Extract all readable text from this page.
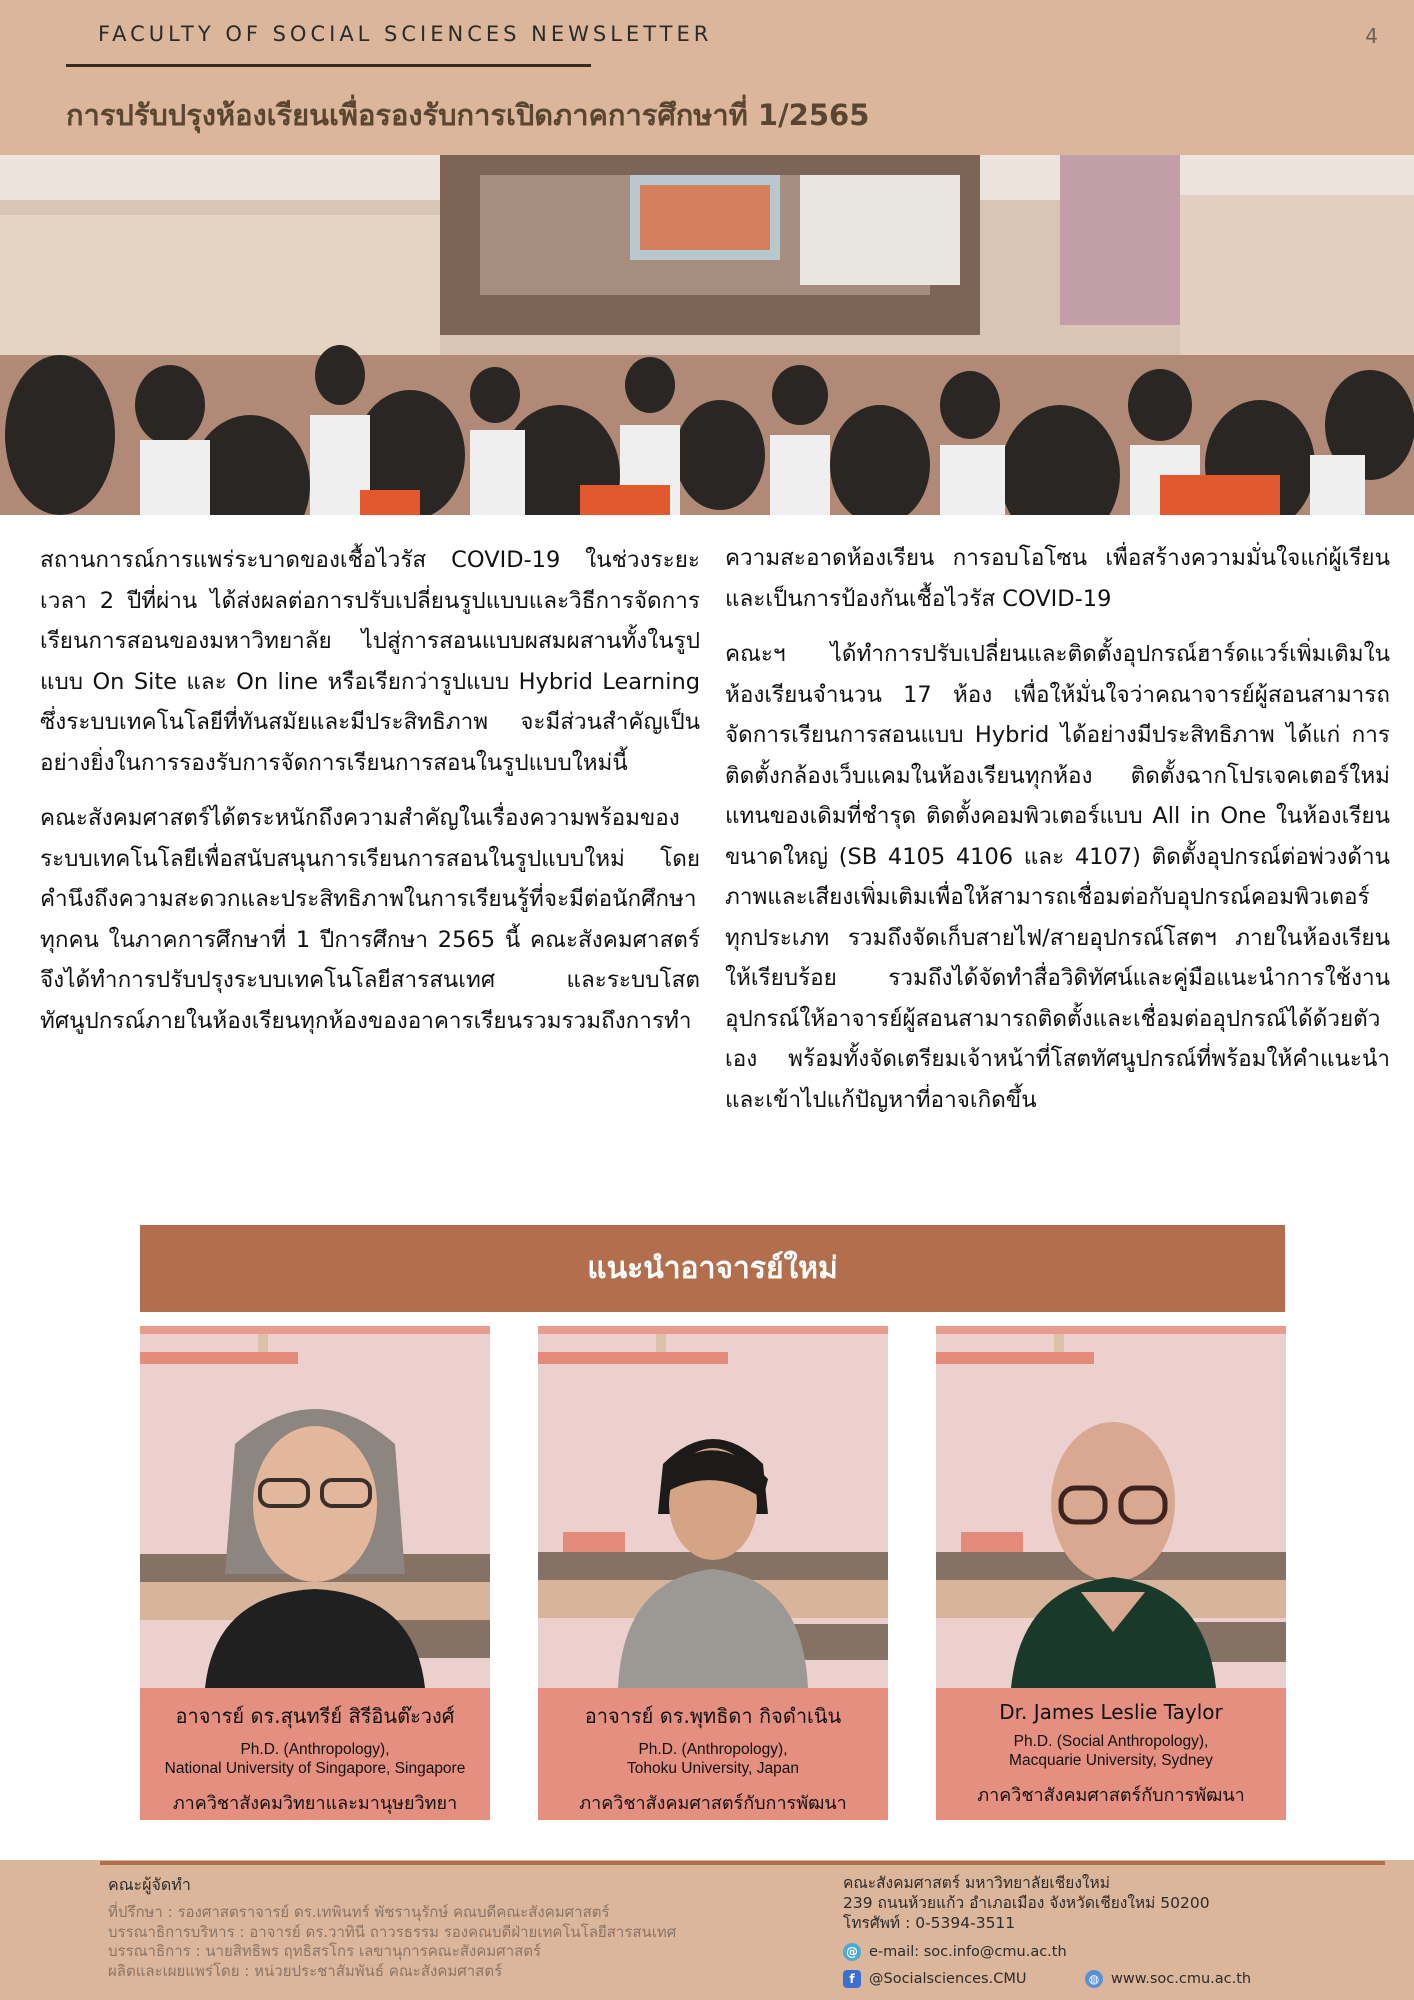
FACULTY OF SOCIAL SCIENCES NEWSLETTER	4
การปรับปรุงห้องเรียนเพื่อรองรับการเปิดภาคการศึกษาที่ 1/2565

สถานการณ์การแพร่ระบาดของเชื้อไวรัส COVID-19 ในช่วงระยะเวลา 2 ปีที่ผ่าน ได้ส่งผลต่อการปรับเปลี่ยนรูปแบบและวิธีการจัดการเรียนการสอนของมหาวิทยาลัย ไปสู่การสอนแบบผสมผสานทั้งในรูปแบบ On Site และ On line หรือเรียกว่ารูปแบบ Hybrid Learning ซึ่งระบบเทคโนโลยีที่ทันสมัยและมีประสิทธิภาพ จะมีส่วนสำคัญเป็นอย่างยิ่งในการรองรับการจัดการเรียนการสอนในรูปแบบใหม่นี้

คณะสังคมศาสตร์ได้ตระหนักถึงความสำคัญในเรื่องความพร้อมของระบบเทคโนโลยีเพื่อสนับสนุนการเรียนการสอนในรูปแบบใหม่ โดยคำนึงถึงความสะดวกและประสิทธิภาพในการเรียนรู้ที่จะมีต่อนักศึกษาทุกคน ในภาคการศึกษาที่ 1 ปีการศึกษา 2565 นี้ คณะสังคมศาสตร์จึงได้ทำการปรับปรุงระบบเทคโนโลยีสารสนเทศ และระบบโสตทัศนูปกรณ์ภายในห้องเรียนทุกห้องของอาคารเรียนรวมรวมถึงการทำ

ความสะอาดห้องเรียน การอบโอโซน เพื่อสร้างความมั่นใจแก่ผู้เรียนและเป็นการป้องกันเชื้อไวรัส COVID-19

คณะฯ ได้ทำการปรับเปลี่ยนและติดตั้งอุปกรณ์ฮาร์ดแวร์เพิ่มเติมในห้องเรียนจำนวน 17 ห้อง เพื่อให้มั่นใจว่าคณาจารย์ผู้สอนสามารถจัดการเรียนการสอนแบบ Hybrid ได้อย่างมีประสิทธิภาพ ได้แก่ การติดตั้งกล้องเว็บแคมในห้องเรียนทุกห้อง ติดตั้งฉากโปรเจคเตอร์ใหม่แทนของเดิมที่ชำรุด ติดตั้งคอมพิวเตอร์แบบ All in One ในห้องเรียน ขนาดใหญ่ (SB 4105 4106 และ 4107) ติดตั้งอุปกรณ์ต่อพ่วงด้านภาพและเสียงเพิ่มเติมเพื่อให้สามารถเชื่อมต่อกับอุปกรณ์คอมพิวเตอร์ทุกประเภท รวมถึงจัดเก็บสายไฟ/สายอุปกรณ์โสตฯ ภายในห้องเรียนให้เรียบร้อย รวมถึงได้จัดทำสื่อวิดิทัศน์และคู่มือแนะนำการใช้งานอุปกรณ์ให้อาจารย์ผู้สอนสามารถติดตั้งและเชื่อมต่ออุปกรณ์ได้ด้วยตัวเอง พร้อมทั้งจัดเตรียมเจ้าหน้าที่โสตทัศนูปกรณ์ที่พร้อมให้คำแนะนำและเข้าไปแก้ปัญหาที่อาจเกิดขึ้น

แนะนำอาจารย์ใหม่
อาจารย์ ดร.สุนทรีย์ สิรีอินต๊ะวงศ์
Ph.D. (Anthropology),
National University of Singapore, Singapore
ภาควิชาสังคมวิทยาและมานุษยวิทยา
อาจารย์ ดร.พุทธิดา กิจดำเนิน
Ph.D. (Anthropology),
Tohoku University, Japan
ภาควิชาสังคมศาสตร์กับการพัฒนา
Dr. James Leslie Taylor
Ph.D. (Social Anthropology),
Macquarie University, Sydney
ภาควิชาสังคมศาสตร์กับการพัฒนา
คณะผู้จัดทำ
ที่ปรึกษา : รองศาสตราจารย์ ดร.เทพินทร์ พัชรานุรักษ์ คณบดีคณะสังคมศาสตร์
บรรณาธิการบริหาร : อาจารย์ ดร.วาทินี ถาวรธรรม รองคณบดีฝ่ายเทคโนโลยีสารสนเทศ
บรรณาธิการ : นายสิทธิพร ฤทธิสรโกร เลขานุการคณะสังคมศาสตร์
ผลิตและเผยแพร่โดย : หน่วยประชาสัมพันธ์ คณะสังคมศาสตร์
คณะสังคมศาสตร์ มหาวิทยาลัยเชียงใหม่
239 ถนนห้วยแก้ว อำเภอเมือง จังหวัดเชียงใหม่ 50200
โทรศัพท์ : 0-5394-3511
@ e-mail: soc.info@cmu.ac.th
f @Socialsciences.CMU	◍ www.soc.cmu.ac.th
